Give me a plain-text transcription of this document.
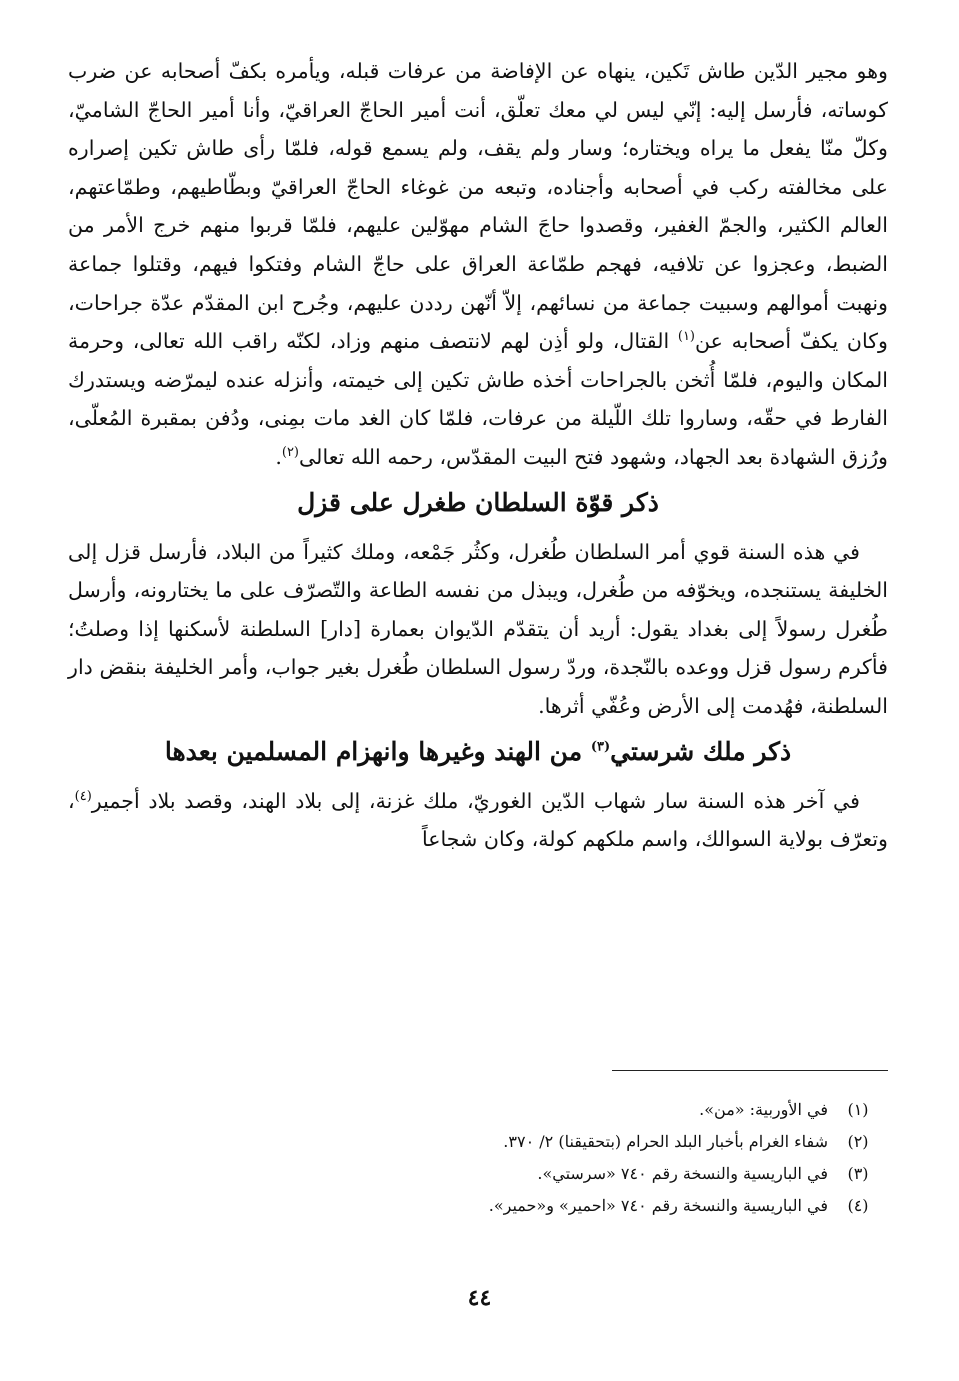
وهو مجير الدّين طاش تَكين، ينهاه عن الإفاضة من عرفات قبله، ويأمره بكفّ أصحابه عن ضرب كوساته، فأرسل إليه: إنّي ليس لي معك تعلّق، أنت أمير الحاجّ العراقيّ، وأنا أمير الحاجّ الشاميّ، وكلّ منّا يفعل ما يراه ويختاره؛ وسار ولم يقف، ولم يسمع قوله، فلمّا رأى طاش تكين إصراره على مخالفته ركب في أصحابه وأجناده، وتبعه من غوغاء الحاجّ العراقيّ وبطّاطيهم، وطمّاعتهم، العالم الكثير، والجمّ الغفير، وقصدوا حاجَ الشام مهوّلين عليهم، فلمّا قربوا منهم خرج الأمر من الضبط، وعجزوا عن تلافيه، فهجم طمّاعة العراق على حاجّ الشام وفتكوا فيهم، وقتلوا جماعة ونهبت أموالهم وسبيت جماعة من نسائهم، إلاّ أنّهن رددن عليهم، وجُرح ابن المقدّم عدّة جراحات، وكان يكفّ أصحابه عن$^{(١)}$ القتال، ولو أذِن لهم لانتصف منهم وزاد، لكنّه راقب الله تعالى، وحرمة المكان واليوم، فلمّا أُثخن بالجراحات أخذه طاش تكين إلى خيمته، وأنزله عنده ليمرّضه ويستدرك الفارط في حقّه، وساروا تلك اللّيلة من عرفات، فلمّا كان الغد مات بمِنى، ودُفن بمقبرة المُعلّى، ورُزق الشهادة بعد الجهاد، وشهود فتح البيت المقدّس، رحمه الله تعالى$^{(٢)}$.

ذكر قوّة السلطان طغرل على قزل

في هذه السنة قوي أمر السلطان طُغرل، وكثُر جَمْعه، وملك كثيراً من البلاد، فأرسل قزل إلى الخليفة يستنجده، ويخوّفه من طُغرل، ويبذل من نفسه الطاعة والتّصرّف على ما يختارونه، وأرسل طُغرل رسولاً إلى بغداد يقول: أريد أن يتقدّم الدّيوان بعمارة [دار] السلطنة لأسكنها إذا وصلتُ؛ فأكرم رسول قزل ووعده بالنّجدة، وردّ رسول السلطان طُغرل بغير جواب، وأمر الخليفة بنقض دار السلطنة، فهُدمت إلى الأرض وعُفّي أثرها.

ذكر ملك شرستي$^{(٣)}$ من الهند وغيرها وانهزام المسلمين بعدها

في آخر هذه السنة سار شهاب الدّين الغوريّ، ملك غزنة، إلى بلاد الهند، وقصد بلاد أجمير$^{(٤)}$، وتعرّف بولاية السوالك، واسم ملكهم كولة، وكان شجاعاً

(١)
في الأوربية: «من».
(٢)
شفاء الغرام بأخبار البلد الحرام (بتحقيقنا) ٢/ ٣٧٠.
(٣)
في الباريسية والنسخة رقم ٧٤٠ «سرستي».
(٤)
في الباريسية والنسخة رقم ٧٤٠ «احمير» و«حمير».
٤٤
